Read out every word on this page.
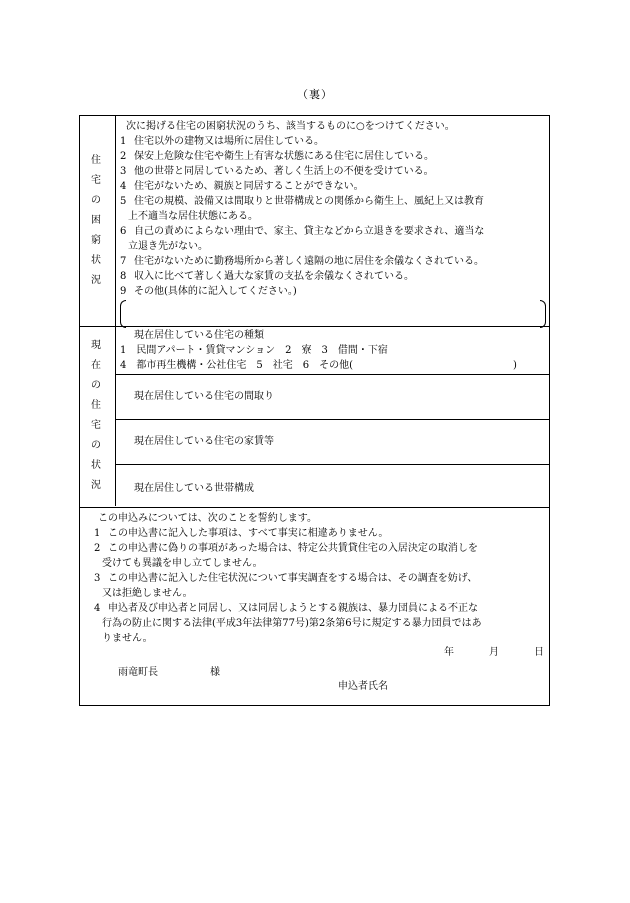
（裏）
住宅の困窮状況
次に掲げる住宅の困窮状況のうち、該当するものに○をつけてください。
1 住宅以外の建物又は場所に居住している。
2 保安上危険な住宅や衛生上有害な状態にある住宅に居住している。
3 他の世帯と同居しているため、著しく生活上の不便を受けている。
4 住宅がないため、親族と同居することができない。
5 住宅の規模、設備又は間取りと世帯構成との関係から衛生上、風紀上又は教育
上不適当な居住状態にある。
6 自己の責めによらない理由で、家主、貸主などから立退きを要求され、適当な
立退き先がない。
7 住宅がないために勤務場所から著しく遠隔の地に居住を余儀なくされている。
8 収入に比べて著しく過大な家賃の支払を余儀なくされている。
9 その他(具体的に記入してください。)
現在の住宅の状況
現在居住している住宅の種類
1　民間アパート・賃貸マンション　2　寮　3　借間・下宿
4　都市再生機構・公社住宅　5　社宅　6　その他(	)
現在居住している住宅の間取り
現在居住している住宅の家賃等
現在居住している世帯構成
この申込みについては、次のことを誓約します。
1 この申込書に記入した事項は、すべて事実に相違ありません。
2 この申込書に偽りの事項があった場合は、特定公共賃貸住宅の入居決定の取消しを
受けても異議を申し立てしません。
3 この申込書に記入した住宅状況について事実調査をする場合は、その調査を妨げ、
又は拒絶しません。
4 申込者及び申込者と同居し、又は同居しようとする親族は、暴力団員による不正な
行為の防止に関する法律(平成3年法律第77号)第2条第6号に規定する暴力団員ではあ
りません。
年	月	日
雨竜町長	様
申込者氏名
